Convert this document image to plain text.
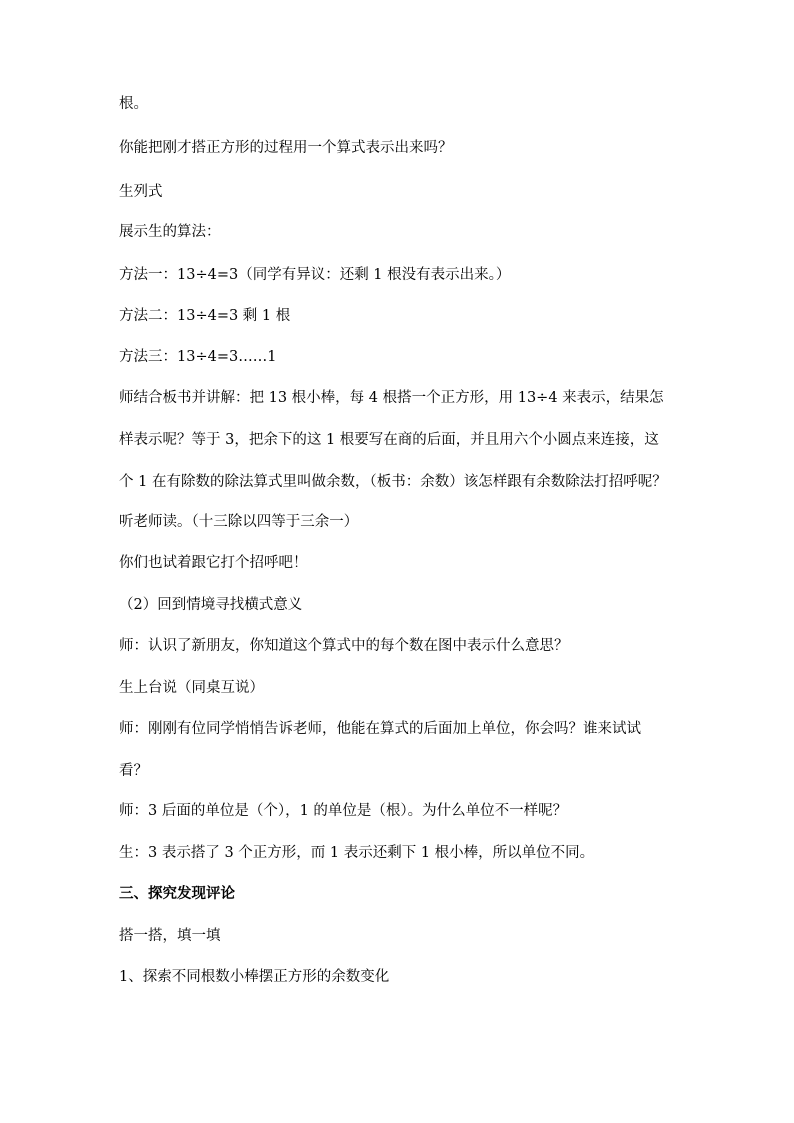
根。
你能把刚才搭正方形的过程用一个算式表示出来吗？
生列式
展示生的算法：
方法一：13÷4=3（同学有异议：还剩 1 根没有表示出来。）
方法二：13÷4=3 剩 1 根
方法三：13÷4=3……1
师结合板书并讲解：把 13 根小棒，每 4 根搭一个正方形，用 13÷4 来表示，结果怎
样表示呢？等于 3，把余下的这 1 根要写在商的后面，并且用六个小圆点来连接，这
个 1 在有除数的除法算式里叫做余数，（板书：余数）该怎样跟有余数除法打招呼呢？
听老师读。（十三除以四等于三余一）
你们也试着跟它打个招呼吧！
（2）回到情境寻找横式意义
师：认识了新朋友，你知道这个算式中的每个数在图中表示什么意思？
生上台说（同桌互说）
师：刚刚有位同学悄悄告诉老师，他能在算式的后面加上单位，你会吗？谁来试试
看？
师：3 后面的单位是（个），1 的单位是（根）。为什么单位不一样呢？
生：3 表示搭了 3 个正方形，而 1 表示还剩下 1 根小棒，所以单位不同。
三、探究发现评论
搭一搭，填一填
1、探索不同根数小棒摆正方形的余数变化
